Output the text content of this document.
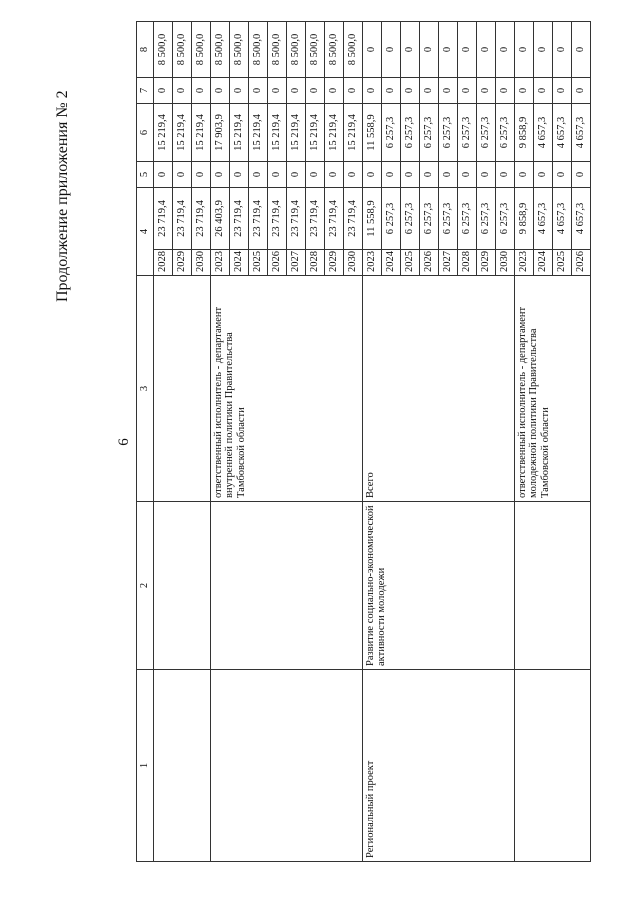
Продолжение приложения № 2
6
1	2	3	4		5	6	7	8
			2028	23 719,4	0	15 219,4	0	8 500,0
			2029	23 719,4	0	15 219,4	0	8 500,0
			2030	23 719,4	0	15 219,4	0	8 500,0
		ответственный исполнитель - департамент внутренней политики Правительства Тамбовской области	2023	26 403,9	0	17 903,9	0	8 500,0
			2024	23 719,4	0	15 219,4	0	8 500,0
			2025	23 719,4	0	15 219,4	0	8 500,0
			2026	23 719,4	0	15 219,4	0	8 500,0
			2027	23 719,4	0	15 219,4	0	8 500,0
			2028	23 719,4	0	15 219,4	0	8 500,0
			2029	23 719,4	0	15 219,4	0	8 500,0
			2030	23 719,4	0	15 219,4	0	8 500,0
Региональный проект	Развитие социально-экономической активности молодежи	Всего	2023	11 558,9	0	11 558,9	0	0
			2024	6 257,3	0	6 257,3	0	0
			2025	6 257,3	0	6 257,3	0	0
			2026	6 257,3	0	6 257,3	0	0
			2027	6 257,3	0	6 257,3	0	0
			2028	6 257,3	0	6 257,3	0	0
			2029	6 257,3	0	6 257,3	0	0
			2030	6 257,3	0	6 257,3	0	0
		ответственный исполнитель - департамент молодежной политики Правительства Тамбовской области	2023	9 858,9	0	9 858,9	0	0
			2024	4 657,3	0	4 657,3	0	0
			2025	4 657,3	0	4 657,3	0	0
			2026	4 657,3	0	4 657,3	0	0
